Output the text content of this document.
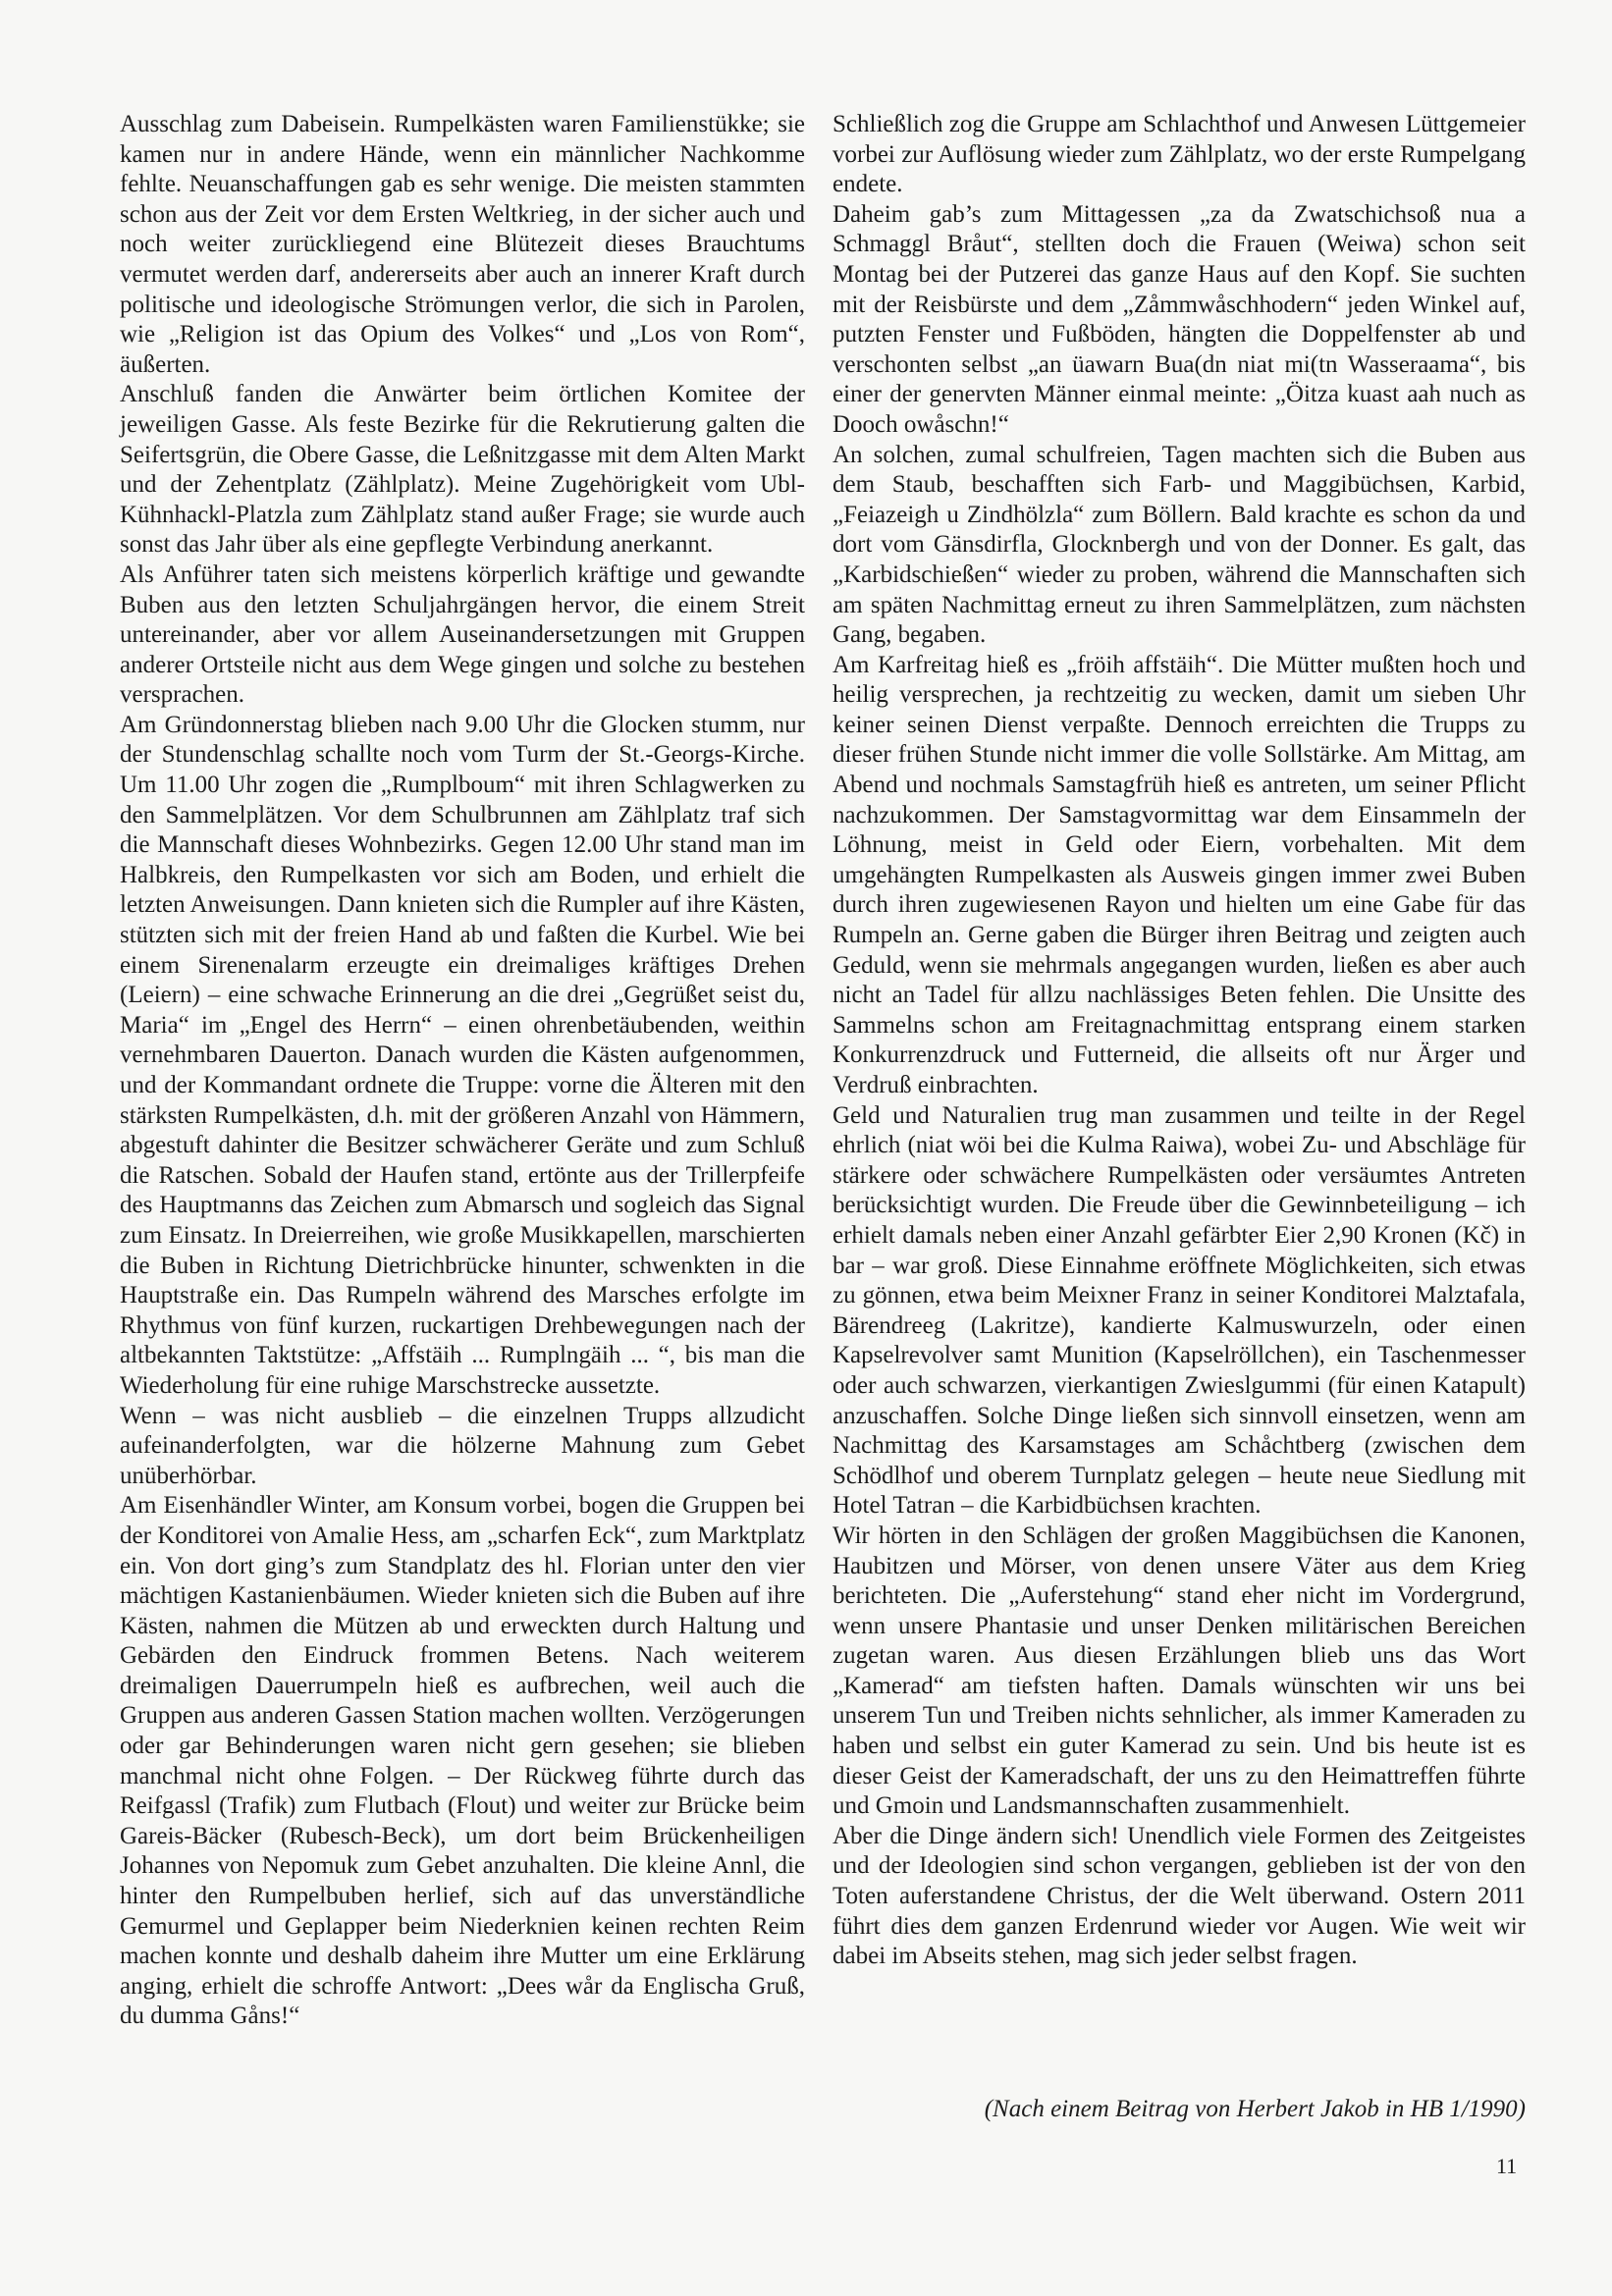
Ausschlag zum Dabeisein. Rumpelkästen waren Familienstükke; sie kamen nur in andere Hände, wenn ein männlicher Nachkomme fehlte. Neuanschaffungen gab es sehr wenige. Die meisten stammten schon aus der Zeit vor dem Ersten Weltkrieg, in der sicher auch und noch weiter zurückliegend eine Blütezeit dieses Brauchtums vermutet werden darf, andererseits aber auch an innerer Kraft durch politische und ideologische Strömungen verlor, die sich in Parolen, wie „Religion ist das Opium des Volkes“ und „Los von Rom“, äußerten.

Anschluß fanden die Anwärter beim örtlichen Komitee der jeweiligen Gasse. Als feste Bezirke für die Rekrutierung galten die Seifertsgrün, die Obere Gasse, die Leßnitzgasse mit dem Alten Markt und der Zehentplatz (Zählplatz). Meine Zugehörigkeit vom Ubl-Kühnhackl-Platzla zum Zählplatz stand außer Frage; sie wurde auch sonst das Jahr über als eine gepflegte Verbindung anerkannt.

Als Anführer taten sich meistens körperlich kräftige und gewandte Buben aus den letzten Schuljahrgängen hervor, die einem Streit untereinander, aber vor allem Auseinandersetzungen mit Gruppen anderer Ortsteile nicht aus dem Wege gingen und solche zu bestehen versprachen.

Am Gründonnerstag blieben nach 9.00 Uhr die Glocken stumm, nur der Stundenschlag schallte noch vom Turm der St.-Georgs-Kirche. Um 11.00 Uhr zogen die „Rumplboum“ mit ihren Schlagwerken zu den Sammelplätzen. Vor dem Schulbrunnen am Zählplatz traf sich die Mannschaft dieses Wohnbezirks. Gegen 12.00 Uhr stand man im Halbkreis, den Rumpelkasten vor sich am Boden, und erhielt die letzten Anweisungen. Dann knieten sich die Rumpler auf ihre Kästen, stützten sich mit der freien Hand ab und faßten die Kurbel. Wie bei einem Sirenenalarm erzeugte ein dreimaliges kräftiges Drehen (Leiern) – eine schwache Erinnerung an die drei „Gegrüßet seist du, Maria“ im „Engel des Herrn“ – einen ohrenbetäubenden, weithin vernehmbaren Dauerton. Danach wurden die Kästen aufgenommen, und der Kommandant ordnete die Truppe: vorne die Älteren mit den stärksten Rumpelkästen, d.h. mit der größeren Anzahl von Hämmern, abgestuft dahinter die Besitzer schwächerer Geräte und zum Schluß die Ratschen. Sobald der Haufen stand, ertönte aus der Trillerpfeife des Hauptmanns das Zeichen zum Abmarsch und sogleich das Signal zum Einsatz. In Dreierreihen, wie große Musikkapellen, marschierten die Buben in Richtung Dietrichbrücke hinunter, schwenkten in die Hauptstraße ein. Das Rumpeln während des Marsches erfolgte im Rhythmus von fünf kurzen, ruckartigen Drehbewegungen nach der altbekannten Taktstütze: „Affstäih ... Rumplngäih ... “, bis man die Wiederholung für eine ruhige Marschstrecke aussetzte.

Wenn – was nicht ausblieb – die einzelnen Trupps allzudicht aufeinanderfolgten, war die hölzerne Mahnung zum Gebet unüberhörbar.

Am Eisenhändler Winter, am Konsum vorbei, bogen die Gruppen bei der Konditorei von Amalie Hess, am „scharfen Eck“, zum Marktplatz ein. Von dort ging’s zum Standplatz des hl. Florian unter den vier mächtigen Kastanienbäumen. Wieder knieten sich die Buben auf ihre Kästen, nahmen die Mützen ab und erweckten durch Haltung und Gebärden den Eindruck frommen Betens. Nach weiterem dreimaligen Dauerrumpeln hieß es aufbrechen, weil auch die Gruppen aus anderen Gassen Station machen wollten. Verzögerungen oder gar Behinderungen waren nicht gern gesehen; sie blieben manchmal nicht ohne Folgen. – Der Rückweg führte durch das Reifgassl (Trafik) zum Flutbach (Flout) und weiter zur Brücke beim Gareis-Bäcker (Rubesch-Beck), um dort beim Brückenheiligen Johannes von Nepomuk zum Gebet anzuhalten. Die kleine Annl, die hinter den Rumpelbuben herlief, sich auf das unverständliche Gemurmel und Geplapper beim Niederknien keinen rechten Reim machen konnte und deshalb daheim ihre Mutter um eine Erklärung anging, erhielt die schroffe Antwort: „Dees wår da Englischa Gruß, du dumma Gåns!“

Schließlich zog die Gruppe am Schlachthof und Anwesen Lüttgemeier vorbei zur Auflösung wieder zum Zählplatz, wo der erste Rumpelgang endete.

Daheim gab’s zum Mittagessen „za da Zwatschichsoß nua a Schmaggl Bråut“, stellten doch die Frauen (Weiwa) schon seit Montag bei der Putzerei das ganze Haus auf den Kopf. Sie suchten mit der Reisbürste und dem „Zåmmwåschhodern“ jeden Winkel auf, putzten Fenster und Fußböden, hängten die Doppelfenster ab und verschonten selbst „an üawarn Bua(dn niat mi(tn Wasseraama“, bis einer der genervten Männer einmal meinte: „Öitza kuast aah nuch as Dooch owåschn!“

An solchen, zumal schulfreien, Tagen machten sich die Buben aus dem Staub, beschafften sich Farb- und Maggibüchsen, Karbid, „Feiazeigh u Zindhölzla“ zum Böllern. Bald krachte es schon da und dort vom Gänsdirfla, Glocknbergh und von der Donner. Es galt, das „Karbidschießen“ wieder zu proben, während die Mannschaften sich am späten Nachmittag erneut zu ihren Sammelplätzen, zum nächsten Gang, begaben.

Am Karfreitag hieß es „fröih affstäih“. Die Mütter mußten hoch und heilig versprechen, ja rechtzeitig zu wecken, damit um sieben Uhr keiner seinen Dienst verpaßte. Dennoch erreichten die Trupps zu dieser frühen Stunde nicht immer die volle Sollstärke. Am Mittag, am Abend und nochmals Samstagfrüh hieß es antreten, um seiner Pflicht nachzukommen. Der Samstagvormittag war dem Einsammeln der Löhnung, meist in Geld oder Eiern, vorbehalten. Mit dem umgehängten Rumpelkasten als Ausweis gingen immer zwei Buben durch ihren zugewiesenen Rayon und hielten um eine Gabe für das Rumpeln an. Gerne gaben die Bürger ihren Beitrag und zeigten auch Geduld, wenn sie mehrmals angegangen wurden, ließen es aber auch nicht an Tadel für allzu nachlässiges Beten fehlen. Die Unsitte des Sammelns schon am Freitagnachmittag entsprang einem starken Konkurrenzdruck und Futterneid, die allseits oft nur Ärger und Verdruß einbrachten.

Geld und Naturalien trug man zusammen und teilte in der Regel ehrlich (niat wöi bei die Kulma Raiwa), wobei Zu- und Abschläge für stärkere oder schwächere Rumpelkästen oder versäumtes Antreten berücksichtigt wurden. Die Freude über die Gewinnbeteiligung – ich erhielt damals neben einer Anzahl gefärbter Eier 2,90 Kronen (Kč) in bar – war groß. Diese Einnahme eröffnete Möglichkeiten, sich etwas zu gönnen, etwa beim Meixner Franz in seiner Konditorei Malztafala, Bärendreeg (Lakritze), kandierte Kalmuswurzeln, oder einen Kapselrevolver samt Munition (Kapselröllchen), ein Taschenmesser oder auch schwarzen, vierkantigen Zwieslgummi (für einen Katapult) anzuschaffen. Solche Dinge ließen sich sinnvoll einsetzen, wenn am Nachmittag des Karsamstages am Schåchtberg (zwischen dem Schödlhof und oberem Turnplatz gelegen – heute neue Siedlung mit Hotel Tatran – die Karbidbüchsen krachten.

Wir hörten in den Schlägen der großen Maggibüchsen die Kanonen, Haubitzen und Mörser, von denen unsere Väter aus dem Krieg berichteten. Die „Auferstehung“ stand eher nicht im Vordergrund, wenn unsere Phantasie und unser Denken militärischen Bereichen zugetan waren. Aus diesen Erzählungen blieb uns das Wort „Kamerad“ am tiefsten haften. Damals wünschten wir uns bei unserem Tun und Treiben nichts sehnlicher, als immer Kameraden zu haben und selbst ein guter Kamerad zu sein. Und bis heute ist es dieser Geist der Kameradschaft, der uns zu den Heimattreffen führte und Gmoin und Landsmannschaften zusammenhielt.

Aber die Dinge ändern sich! Unendlich viele Formen des Zeitgeistes und der Ideologien sind schon vergangen, geblieben ist der von den Toten auferstandene Christus, der die Welt überwand. Ostern 2011 führt dies dem ganzen Erdenrund wieder vor Augen. Wie weit wir dabei im Abseits stehen, mag sich jeder selbst fragen.

(Nach einem Beitrag von Herbert Jakob in HB 1/1990)
11
